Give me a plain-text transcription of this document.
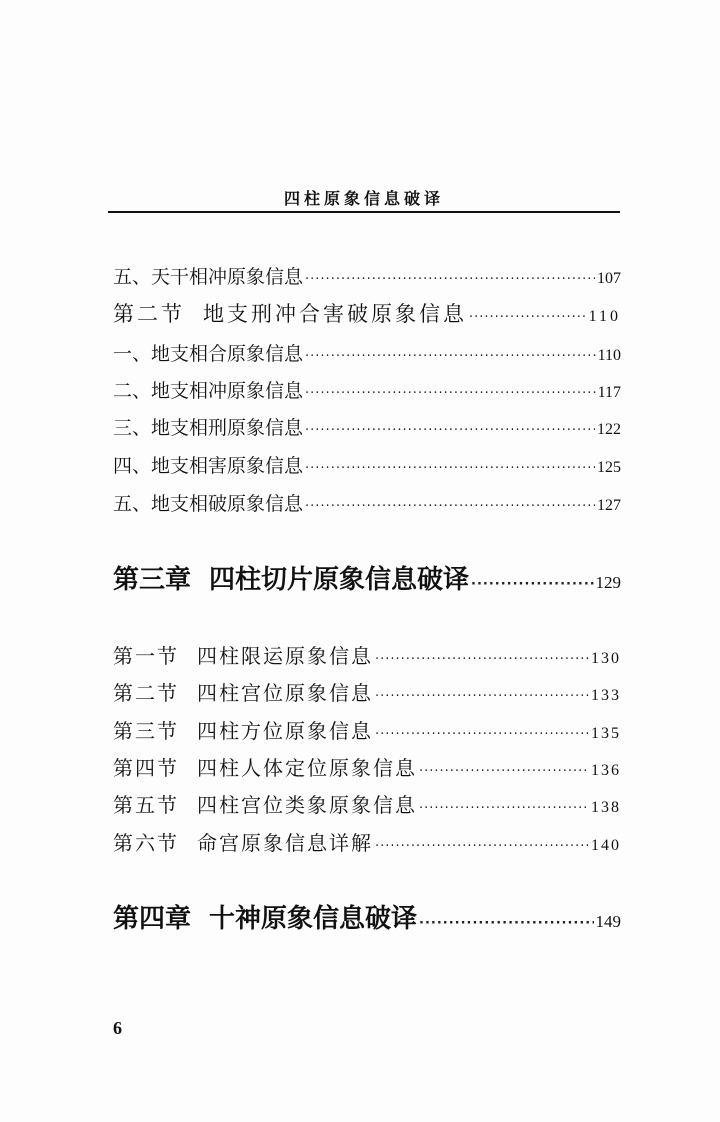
四柱原象信息破译
五、天干相冲原象信息 ·····	107
第二节 地支刑冲合害破原象信息 ·····	110
一、地支相合原象信息 ·····	110
二、地支相冲原象信息 ·····	117
三、地支相刑原象信息 ·····	122
四、地支相害原象信息 ·····	125
五、地支相破原象信息 ·····	127
第三章 四柱切片原象信息破译 ·····	129
第一节 四柱限运原象信息 ·····	130
第二节 四柱宫位原象信息 ·····	133
第三节 四柱方位原象信息 ·····	135
第四节 四柱人体定位原象信息 ·····	136
第五节 四柱宫位类象原象信息 ·····	138
第六节 命宫原象信息详解 ·····	140
第四章 十神原象信息破译 ·····	149
6
